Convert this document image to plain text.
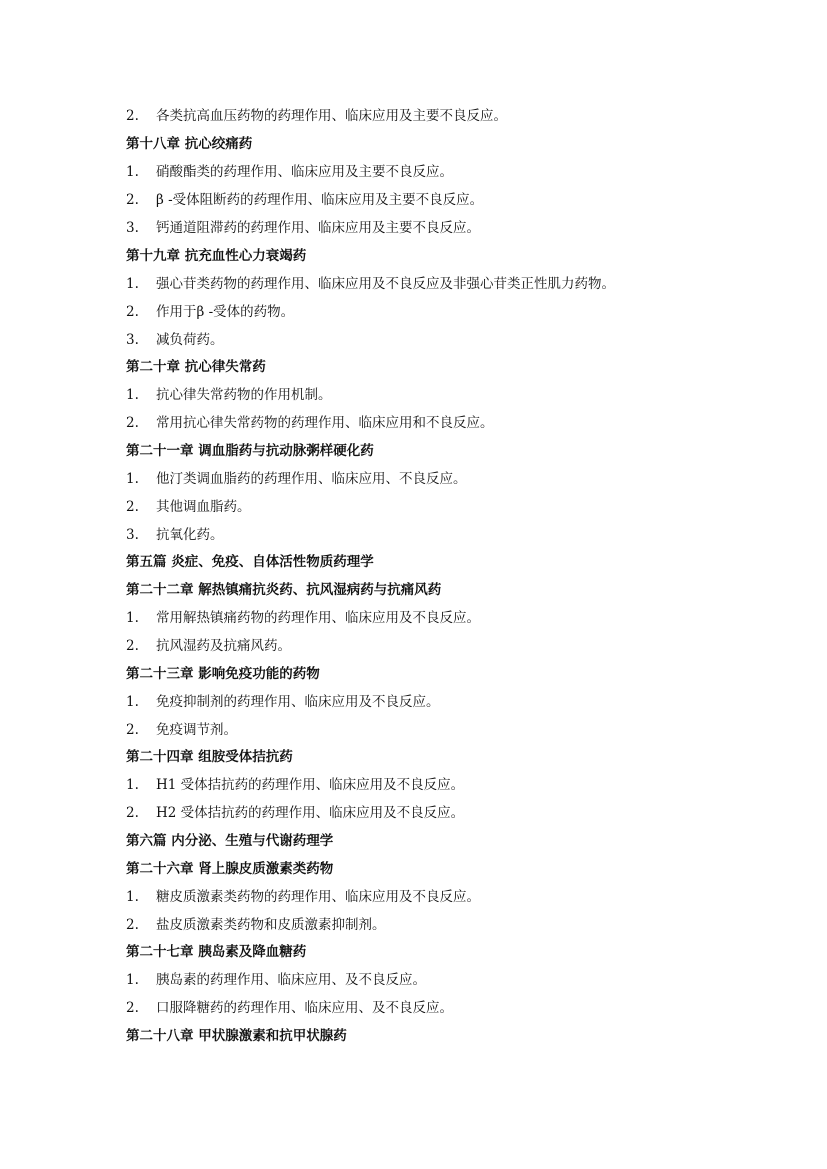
2. 各类抗高血压药物的药理作用、临床应用及主要不良反应。
第十八章 抗心绞痛药
1. 硝酸酯类的药理作用、临床应用及主要不良反应。
2. β -受体阻断药的药理作用、临床应用及主要不良反应。
3. 钙通道阻滞药的药理作用、临床应用及主要不良反应。
第十九章 抗充血性心力衰竭药
1. 强心苷类药物的药理作用、临床应用及不良反应及非强心苷类正性肌力药物。
2. 作用于β -受体的药物。
3. 减负荷药。
第二十章 抗心律失常药
1. 抗心律失常药物的作用机制。
2. 常用抗心律失常药物的药理作用、临床应用和不良反应。
第二十一章 调血脂药与抗动脉粥样硬化药
1. 他汀类调血脂药的药理作用、临床应用、不良反应。
2. 其他调血脂药。
3. 抗氧化药。
第五篇 炎症、免疫、自体活性物质药理学
第二十二章 解热镇痛抗炎药、抗风湿病药与抗痛风药
1. 常用解热镇痛药物的药理作用、临床应用及不良反应。
2. 抗风湿药及抗痛风药。
第二十三章 影响免疫功能的药物
1. 免疫抑制剂的药理作用、临床应用及不良反应。
2. 免疫调节剂。
第二十四章 组胺受体拮抗药
1. H1 受体拮抗药的药理作用、临床应用及不良反应。
2. H2 受体拮抗药的药理作用、临床应用及不良反应。
第六篇 内分泌、生殖与代谢药理学
第二十六章 肾上腺皮质激素类药物
1. 糖皮质激素类药物的药理作用、临床应用及不良反应。
2. 盐皮质激素类药物和皮质激素抑制剂。
第二十七章 胰岛素及降血糖药
1. 胰岛素的药理作用、临床应用、及不良反应。
2. 口服降糖药的药理作用、临床应用、及不良反应。
第二十八章 甲状腺激素和抗甲状腺药
